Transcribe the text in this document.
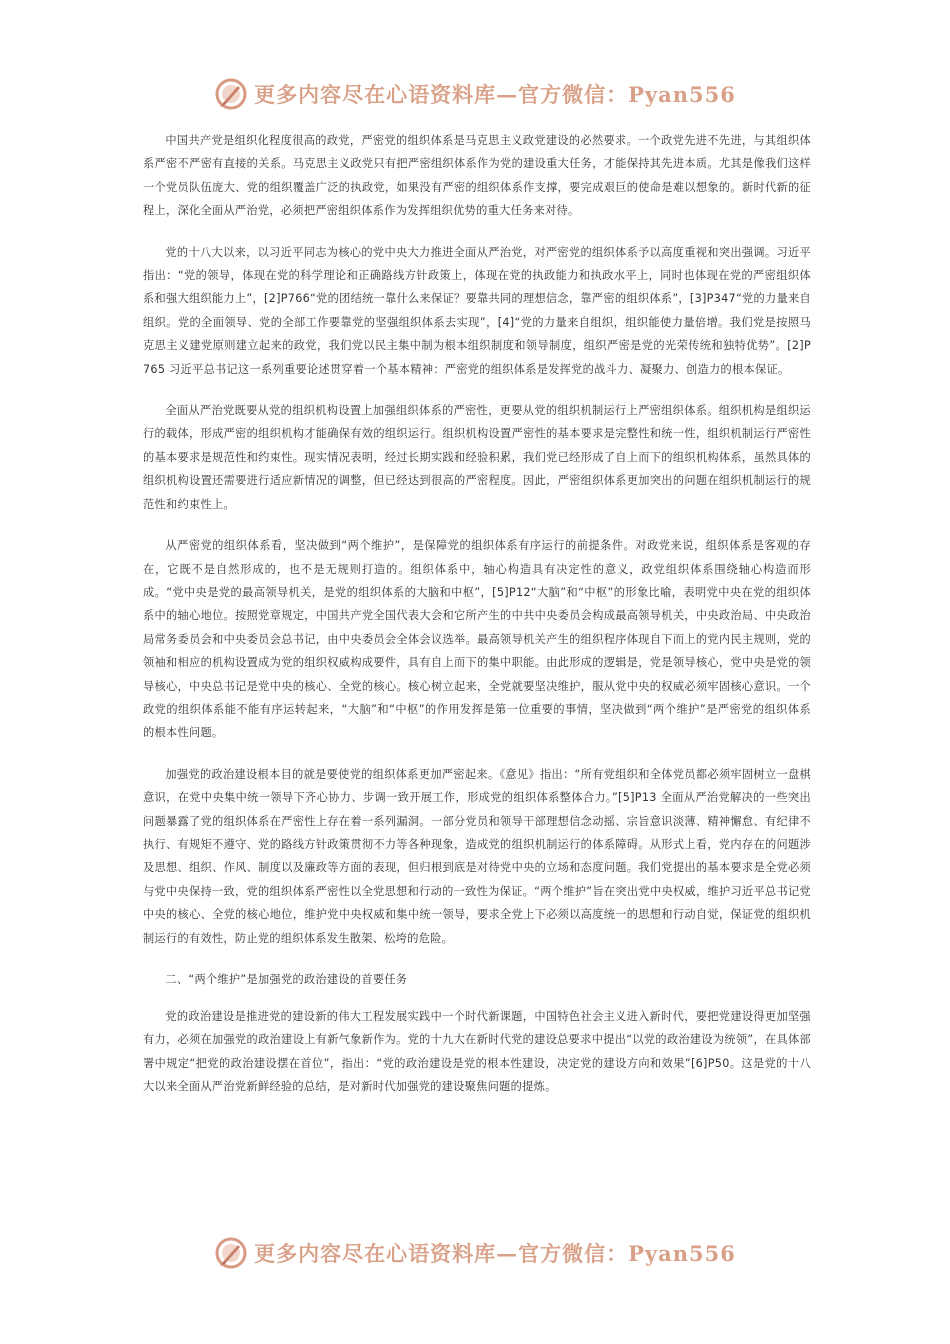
更多内容尽在心语资料库—官方微信：Pyan556

中国共产党是组织化程度很高的政党，严密党的组织体系是马克思主义政党建设的必然要求。一个政党先进不先进，与其组织体系严密不严密有直接的关系。马克思主义政党只有把严密组织体系作为党的建设重大任务，才能保持其先进本质。尤其是像我们这样一个党员队伍庞大、党的组织覆盖广泛的执政党，如果没有严密的组织体系作支撑，要完成艰巨的使命是难以想象的。新时代新的征程上，深化全面从严治党，必须把严密组织体系作为发挥组织优势的重大任务来对待。

党的十八大以来，以习近平同志为核心的党中央大力推进全面从严治党，对严密党的组织体系予以高度重视和突出强调。习近平指出：“党的领导，体现在党的科学理论和正确路线方针政策上，体现在党的执政能力和执政水平上，同时也体现在党的严密组织体系和强大组织能力上”，[2]P766“党的团结统一靠什么来保证？要靠共同的理想信念，靠严密的组织体系”，[3]P347“党的力量来自组织。党的全面领导、党的全部工作要靠党的坚强组织体系去实现”，[4]“党的力量来自组织，组织能使力量倍增。我们党是按照马克思主义建党原则建立起来的政党，我们党以民主集中制为根本组织制度和领导制度，组织严密是党的光荣传统和独特优势”。[2]P765 习近平总书记这一系列重要论述贯穿着一个基本精神：严密党的组织体系是发挥党的战斗力、凝聚力、创造力的根本保证。

全面从严治党既要从党的组织机构设置上加强组织体系的严密性，更要从党的组织机制运行上严密组织体系。组织机构是组织运行的载体，形成严密的组织机构才能确保有效的组织运行。组织机构设置严密性的基本要求是完整性和统一性，组织机制运行严密性的基本要求是规范性和约束性。现实情况表明，经过长期实践和经验积累，我们党已经形成了自上而下的组织机构体系，虽然具体的组织机构设置还需要进行适应新情况的调整，但已经达到很高的严密程度。因此，严密组织体系更加突出的问题在组织机制运行的规范性和约束性上。

从严密党的组织体系看，坚决做到“两个维护”，是保障党的组织体系有序运行的前提条件。对政党来说，组织体系是客观的存在，它既不是自然形成的，也不是无规则打造的。组织体系中，轴心构造具有决定性的意义，政党组织体系围绕轴心构造而形成。“党中央是党的最高领导机关，是党的组织体系的大脑和中枢”，[5]P12“大脑”和“中枢”的形象比喻，表明党中央在党的组织体系中的轴心地位。按照党章规定，中国共产党全国代表大会和它所产生的中共中央委员会构成最高领导机关，中央政治局、中央政治局常务委员会和中央委员会总书记，由中央委员会全体会议选举。最高领导机关产生的组织程序体现自下而上的党内民主规则，党的领袖和相应的机构设置成为党的组织权威构成要件，具有自上而下的集中职能。由此形成的逻辑是，党是领导核心，党中央是党的领导核心，中央总书记是党中央的核心、全党的核心。核心树立起来，全党就要坚决维护，服从党中央的权威必须牢固核心意识。一个政党的组织体系能不能有序运转起来，“大脑”和“中枢”的作用发挥是第一位重要的事情，坚决做到“两个维护”是严密党的组织体系的根本性问题。

加强党的政治建设根本目的就是要使党的组织体系更加严密起来。《意见》指出：“所有党组织和全体党员都必须牢固树立一盘棋意识，在党中央集中统一领导下齐心协力、步调一致开展工作，形成党的组织体系整体合力。”[5]P13 全面从严治党解决的一些突出问题暴露了党的组织体系在严密性上存在着一系列漏洞。一部分党员和领导干部理想信念动摇、宗旨意识淡薄、精神懈怠、有纪律不执行、有规矩不遵守、党的路线方针政策贯彻不力等各种现象，造成党的组织机制运行的体系障碍。从形式上看，党内存在的问题涉及思想、组织、作风、制度以及廉政等方面的表现，但归根到底是对待党中央的立场和态度问题。我们党提出的基本要求是全党必须与党中央保持一致，党的组织体系严密性以全党思想和行动的一致性为保证。“两个维护”旨在突出党中央权威，维护习近平总书记党中央的核心、全党的核心地位，维护党中央权威和集中统一领导，要求全党上下必须以高度统一的思想和行动自觉，保证党的组织机制运行的有效性，防止党的组织体系发生散架、松垮的危险。

二、“两个维护”是加强党的政治建设的首要任务

党的政治建设是推进党的建设新的伟大工程发展实践中一个时代新课题，中国特色社会主义进入新时代，要把党建设得更加坚强有力，必须在加强党的政治建设上有新气象新作为。党的十九大在新时代党的建设总要求中提出“以党的政治建设为统领”，在具体部署中规定“把党的政治建设摆在首位”，指出：“党的政治建设是党的根本性建设，决定党的建设方向和效果”[6]P50。这是党的十八大以来全面从严治党新鲜经验的总结，是对新时代加强党的建设聚焦问题的提炼。

更多内容尽在心语资料库—官方微信：Pyan556
